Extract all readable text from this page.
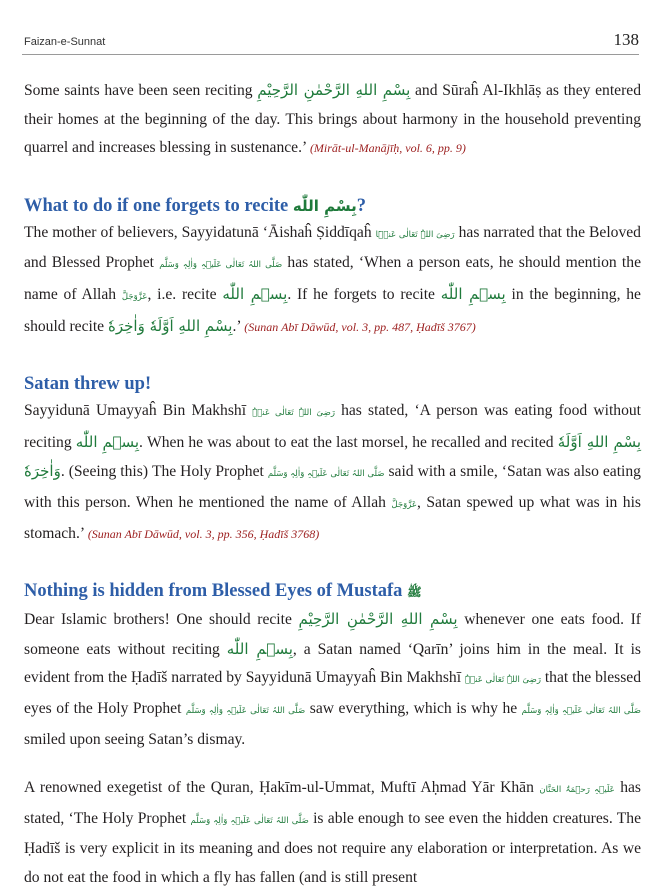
Faizan-e-Sunnat	138

Some saints have been seen reciting بِسْمِ اللهِ الرَّحْمٰنِ الرَّحِيْمِ and Sūraĥ Al-Ikhlāṣ as they entered their homes at the beginning of the day. This brings about harmony in the household preventing quarrel and increases blessing in sustenance.’ (Mirāt-ul-Manājīḥ, vol. 6, pp. 9)

What to do if one forgets to recite بِسْمِ اللّٰه?

The mother of believers, Sayyidatunā ‘Āishaĥ Ṣiddīqaĥ رَضِیَ اللہُ تَعَالٰی عَنۡہَا has narrated that the Beloved and Blessed Prophet صَلَّی اللہُ تَعَالٰی عَلَیۡہِ وَاٰلِہٖ وَسَلَّم has stated, ‘When a person eats, he should mention the name of Allah عَزَّوَجَلَّ, i.e. recite بِسۡمِ اللّٰه. If he forgets to recite بِسۡمِ اللّٰه in the beginning, he should recite بِسْمِ اللهِ اَوَّلَهٗ وَاٰخِرَهٗ.’ (Sunan Abī Dāwūd, vol. 3, pp. 487, Ḥadīš 3767)

Satan threw up!

Sayyidunā Umayyaĥ Bin Makhshī رَضِیَ اللہُ تَعَالٰی عَنۡہُ has stated, ‘A person was eating food without reciting بِسۡمِ اللّٰه. When he was about to eat the last morsel, he recalled and recited بِسْمِ اللهِ اَوَّلَهٗ وَاٰخِرَهٗ. (Seeing this) The Holy Prophet صَلَّی اللہُ تَعَالٰی عَلَیۡہِ وَاٰلِہٖ وَسَلَّم said with a smile, ‘Satan was also eating with this person. When he mentioned the name of Allah عَزَّوَجَلَّ, Satan spewed up what was in his stomach.’ (Sunan Abī Dāwūd, vol. 3, pp. 356, Ḥadīš 3768)

Nothing is hidden from Blessed Eyes of Mustafa ﷺ

Dear Islamic brothers! One should recite بِسْمِ اللهِ الرَّحْمٰنِ الرَّحِيْمِ whenever one eats food. If someone eats without reciting بِسۡمِ اللّٰه, a Satan named ‘Qarīn’ joins him in the meal. It is evident from the Ḥadīš narrated by Sayyidunā Umayyaĥ Bin Makhshī رَضِیَ اللہُ تَعَالٰی عَنۡہُ that the blessed eyes of the Holy Prophet صَلَّی اللہُ تَعَالٰی عَلَیۡہِ وَاٰلِہٖ وَسَلَّم saw everything, which is why he صَلَّی اللہُ تَعَالٰی عَلَیۡہِ وَاٰلِہٖ وَسَلَّم smiled upon seeing Satan’s dismay.

A renowned exegetist of the Quran, Ḥakīm-ul-Ummat, Muftī Aḥmad Yār Khān عَلَیۡہِ رَحۡمَۃُ الحَنَّان has stated, ‘The Holy Prophet صَلَّی اللہُ تَعَالٰی عَلَیۡہِ وَاٰلِہٖ وَسَلَّم is able enough to see even the hidden creatures. The Ḥadīš is very explicit in its meaning and does not require any elaboration or interpretation. As we do not eat the food in which a fly has fallen (and is still present
